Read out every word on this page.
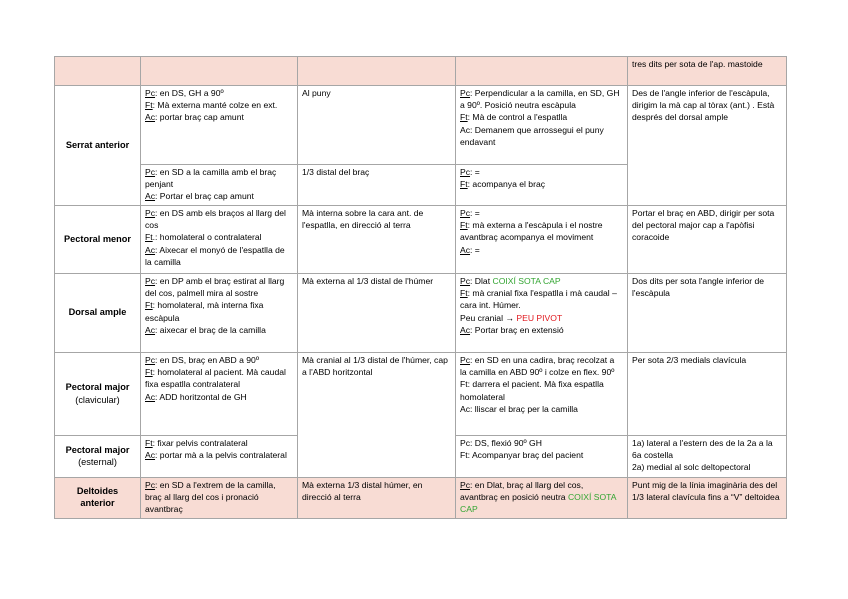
				tres dits per sota de l'ap. mastoide
Serrat anterior	Pc: en DS, GH a 90º
Ft: Mà externa manté colze en ext.
Ac: portar braç cap amunt	Al puny	Pc: Perpendicular a la camilla, en SD, GH a 90º. Posició neutra escàpula
Ft: Mà de control a l'espatlla
Ac: Demanem que arrossegui el puny endavant	Des de l'angle inferior de l'escàpula, dirigim la mà cap al tòrax (ant.) . Està després del dorsal ample

	Pc: en SD a la camilla amb el braç penjant
Ac: Portar el braç cap amunt	1/3 distal del braç	Pc: =
Ft: acompanya el braç	

Pectoral menor	Pc: en DS amb els braços al llarg del cos
Ft.: homolateral o contralateral
Ac: Aixecar el monyó de l'espatlla de la camilla	Mà interna sobre la cara ant. de l'espatlla, en direcció al terra	Pc: =
Ft: mà externa a l'escàpula i el nostre avantbraç acompanya el moviment
Ac: =	Portar el braç en ABD, dirigir per sota del pectoral major cap a l'apòfisi coracoide
Dorsal ample	Pc: en DP amb el braç estirat al llarg del cos, palmell mira al sostre
Ft: homolateral, mà interna fixa escàpula
Ac: aixecar el braç de la camilla	Mà externa al 1/3 distal de l'húmer	Pc: Dlat COIXÍ SOTA CAP
Ft: mà cranial fixa l'espatlla i mà caudal – cara int. Húmer.
Peu cranial → PEU PIVOT
Ac: Portar braç en extensió	Dos dits per sota l'angle inferior de l'escàpula

Pectoral major
(clavicular)	Pc: en DS, braç en ABD a 90º
Ft: homolateral al pacient. Mà caudal fixa espatlla contralateral
Ac: ADD horitzontal de GH	Mà cranial al 1/3 distal de l'húmer, cap a l'ABD horitzontal	Pc: en SD en una cadira, braç recolzat a la camilla en ABD 90º i colze en flex. 90º
Ft: darrera el pacient. Mà fixa espatlla homolateral
Ac: lliscar el braç per la camilla	Per sota 2/3 medials clavícula

Pectoral major
(esternal)	Ft: fixar pelvis contralateral
Ac: portar mà a la pelvis contralateral		Pc: DS, flexió 90º GH
Ft: Acompanyar braç del pacient	1a) lateral a l'estern des de la 2a a la 6a costella
2a) medial al solc deltopectoral

Deltoides
anterior	Pc: en SD a l'extrem de la camilla, braç al llarg del cos i pronació avantbraç	Mà externa 1/3 distal húmer, en direcció al terra	Pc: en Dlat, braç al llarg del cos, avantbraç en posició neutra COIXÍ SOTA CAP	Punt mig de la línia imaginària des del 1/3 lateral clavícula fins a “V” deltoidea
